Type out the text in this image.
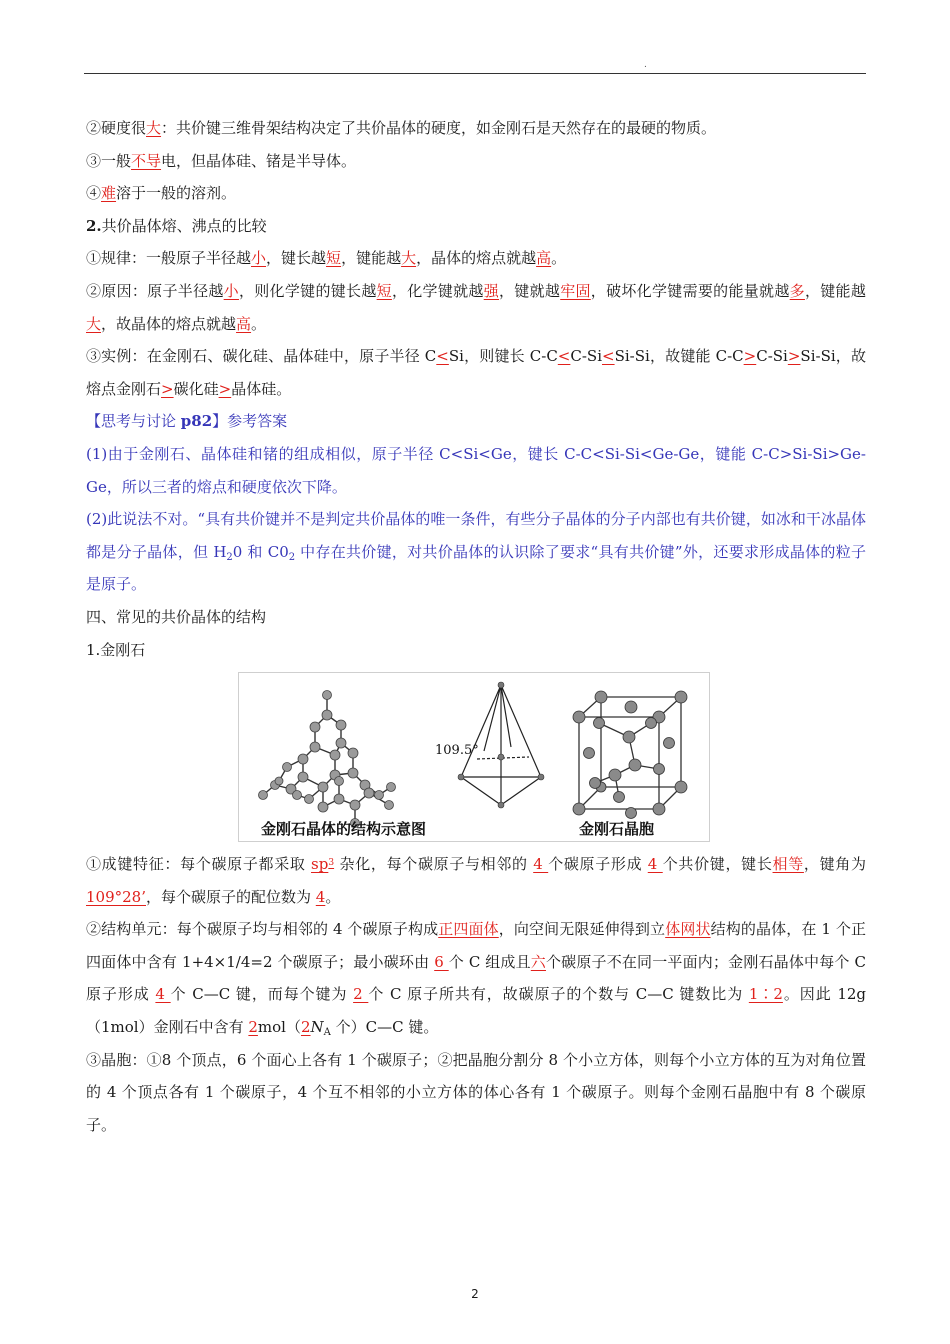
.

②硬度很大：共价键三维骨架结构决定了共价晶体的硬度，如金刚石是天然存在的最硬的物质。

③一般不导电，但晶体硅、锗是半导体。

④难溶于一般的溶剂。

2.共价晶体熔、沸点的比较

①规律：一般原子半径越小，键长越短，键能越大，晶体的熔点就越高。

②原因：原子半径越小，则化学键的键长越短，化学键就越强，键就越牢固，破坏化学键需要的能量就越多，键能越大，故晶体的熔点就越高。

③实例：在金刚石、碳化硅、晶体硅中，原子半径 C<Si，则键长 C-C<C-Si<Si-Si，故键能 C-C>C-Si>Si-Si，故熔点金刚石>碳化硅>晶体硅。

【思考与讨论 p82】参考答案

(1)由于金刚石、晶体硅和锗的组成相似，原子半径 C<Si<Ge，键长 C-C<Si-Si<Ge-Ge，键能 C-C>Si-Si>Ge-Ge，所以三者的熔点和硬度依次下降。

(2)此说法不对。“具有共价键并不是判定共价晶体的唯一条件，有些分子晶体的分子内部也有共价键，如冰和干冰晶体都是分子晶体，但 $H_20$ 和 $C0_2$ 中存在共价键，对共价晶体的认识除了要求“具有共价键”外，还要求形成晶体的粒子是原子。

四、常见的共价晶体的结构

1.金刚石

109.5°
金刚石晶体的结构示意图	金刚石晶胞

①成键特征：每个碳原子都采取 $sp^3$ 杂化，每个碳原子与相邻的 4 个碳原子形成 4 个共价键，键长相等，键角为 109°28’，每个碳原子的配位数为 4。

②结构单元：每个碳原子均与相邻的 4 个碳原子构成正四面体，向空间无限延伸得到立体网状结构的晶体，在 1 个正四面体中含有 1+4×1/4=2 个碳原子；最小碳环由 6 个 C 组成且六个碳原子不在同一平面内；金刚石晶体中每个 C 原子形成 4 个 C—C 键，而每个键为 2 个 C 原子所共有，故碳原子的个数与 C—C 键数比为 1∶2。因此 12g（1mol）金刚石中含有 $2mol(2N_A$ 个）C—C 键。

③晶胞：①8 个顶点，6 个面心上各有 1 个碳原子；②把晶胞分割分 8 个小立方体，则每个小立方体的互为对角位置的 4 个顶点各有 1 个碳原子，4 个互不相邻的小立方体的体心各有 1 个碳原子。则每个金刚石晶胞中有 8 个碳原子。

2
